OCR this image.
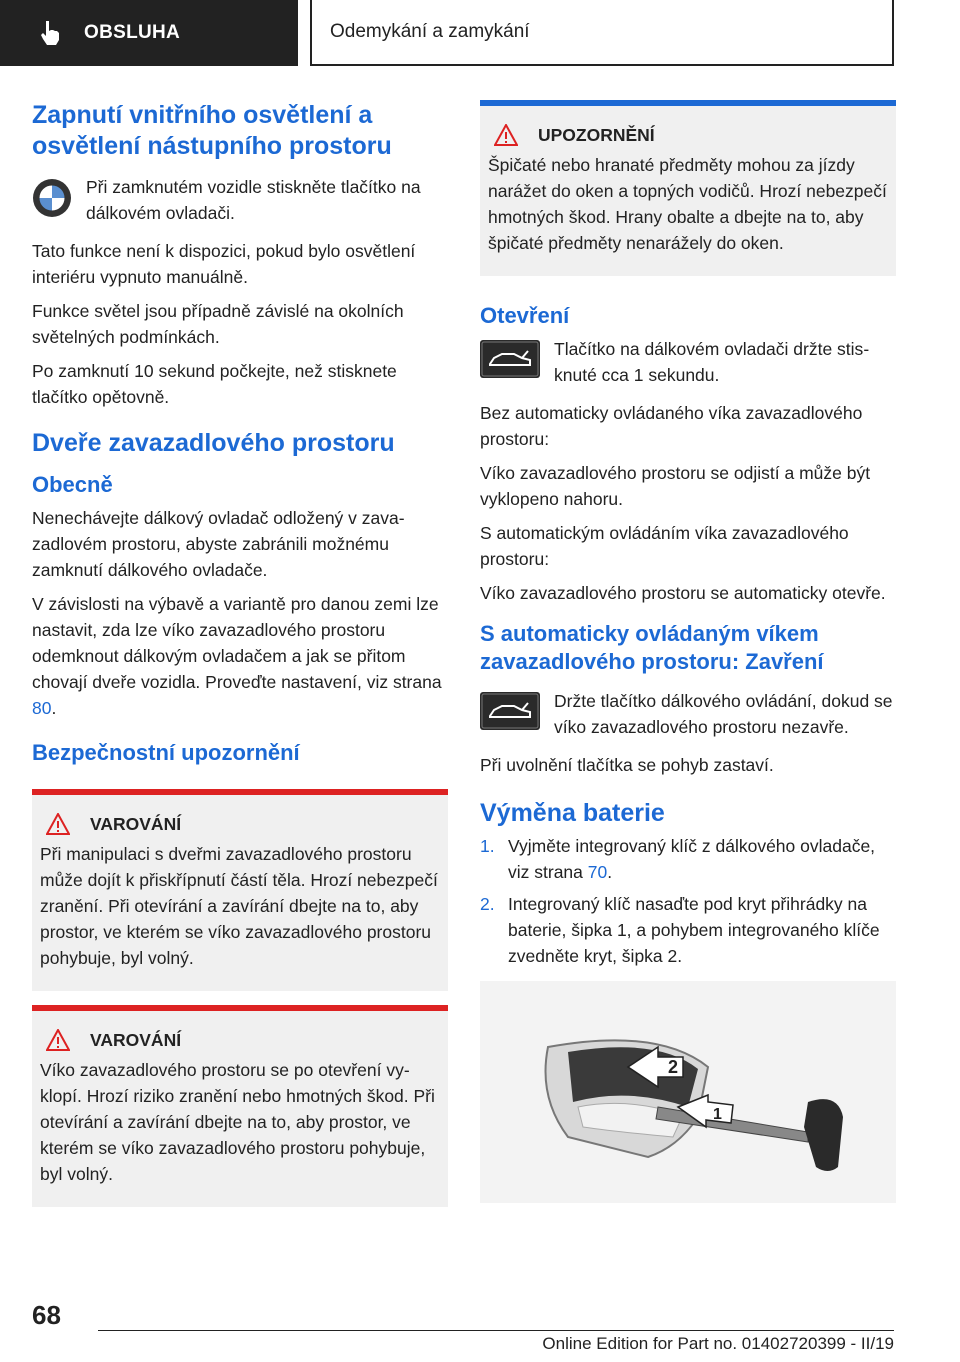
OBSLUHA	Odemykání a zamykání
Zapnutí vnitřního osvětlení a osvětlení nástupního prostoru

Při zamknutém vozidle stiskněte tlačítko na dálkovém ovladači.

Tato funkce není k dispozici, pokud bylo osvětlení interiéru vypnuto manuálně.

Funkce světel jsou případně závislé na okolních světelných podmínkách.

Po zamknutí 10 sekund počkejte, než stisknete tlačítko opětovně.

Dveře zavazadlového prostoru
Obecně

Nenechávejte dálkový ovladač odložený v zavazadlovém prostoru, abyste zabránili možnému zamknutí dálkového ovladače.

V závislosti na výbavě a variantě pro danou zemi lze nastavit, zda lze víko zavazadlového prostoru odemknout dálkovým ovladačem a jak se přitom chovají dveře vozidla. Proveďte nastavení, viz strana 80.

Bezpečnostní upozornění
VAROVÁNÍ

Při manipulaci s dveřmi zavazadlového prostoru může dojít k přiskřípnutí částí těla. Hrozí nebezpečí zranění. Při otevírání a zavírání dbejte na to, aby prostor, ve kterém se víko zavazadlového prostoru pohybuje, byl volný.

VAROVÁNÍ

Víko zavazadlového prostoru se po otevření vyklopí. Hrozí riziko zranění nebo hmotných škod. Při otevírání a zavírání dbejte na to, aby prostor, ve kterém se víko zavazadlového prostoru pohybuje, byl volný.

UPOZORNĚNÍ

Špičaté nebo hranaté předměty mohou za jízdy narážet do oken a topných vodičů. Hrozí nebezpečí hmotných škod. Hrany obalte a dbejte na to, aby špičaté předměty nenarážely do oken.

Otevření

Tlačítko na dálkovém ovladači držte stisknuté cca 1 sekundu.

Bez automaticky ovládaného víka zavazadlového prostoru:

Víko zavazadlového prostoru se odjistí a může být vyklopeno nahoru.

S automatickým ovládáním víka zavazadlového prostoru:

Víko zavazadlového prostoru se automaticky otevře.

S automaticky ovládaným víkem zavazadlového prostoru: Zavření

Držte tlačítko dálkového ovládání, dokud se víko zavazadlového prostoru nezavře.

Při uvolnění tlačítka se pohyb zastaví.

Výměna baterie
1. Vyjměte integrovaný klíč z dálkového ovladače, viz strana 70.
2. Integrovaný klíč nasaďte pod kryt přihrádky na baterie, šipka 1, a pohybem integrovaného klíče zvedněte kryt, šipka 2.
2
1
68
Online Edition for Part no. 01402720399 - II/19
